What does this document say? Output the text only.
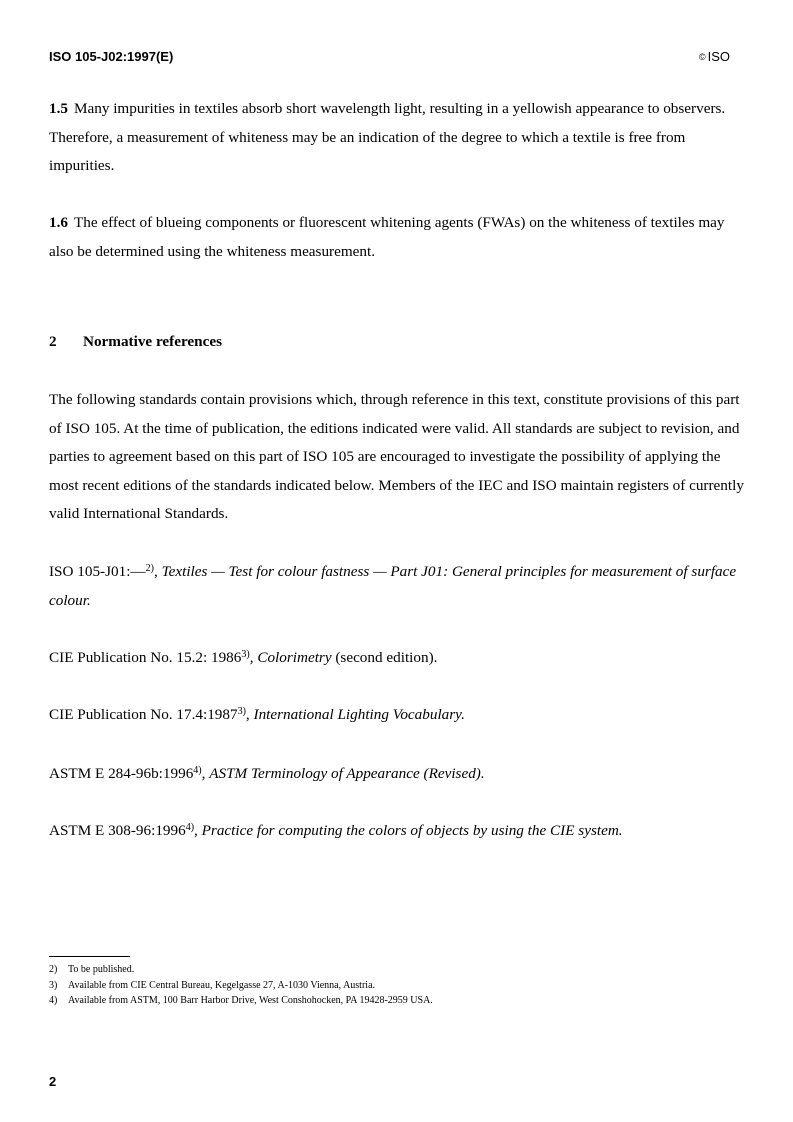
ISO 105-J02:1997(E)	© ISO
1.5 Many impurities in textiles absorb short wavelength light, resulting in a yellowish appearance to observers. Therefore, a measurement of whiteness may be an indication of the degree to which a textile is free from impurities.
1.6 The effect of blueing components or fluorescent whitening agents (FWAs) on the whiteness of textiles may also be determined using the whiteness measurement.
2 Normative references
The following standards contain provisions which, through reference in this text, constitute provisions of this part of ISO 105. At the time of publication, the editions indicated were valid. All standards are subject to revision, and parties to agreement based on this part of ISO 105 are encouraged to investigate the possibility of applying the most recent editions of the standards indicated below. Members of the IEC and ISO maintain registers of currently valid International Standards.
ISO 105-J01:—$^{2)}$, Textiles — Test for colour fastness — Part J01: General principles for measurement of surface colour.
CIE Publication No. 15.2: 1986$^{3)}$, Colorimetry (second edition).
CIE Publication No. 17.4:1987$^{3)}$, International Lighting Vocabulary.
ASTM E 284-96b:1996$^{4)}$, ASTM Terminology of Appearance (Revised).
ASTM E 308-96:1996$^{4)}$, Practice for computing the colors of objects by using the CIE system.
2) To be published.
3) Available from CIE Central Bureau, Kegelgasse 27, A-1030 Vienna, Austria.
4) Available from ASTM, 100 Barr Harbor Drive, West Conshohocken, PA 19428-2959 USA.
2
